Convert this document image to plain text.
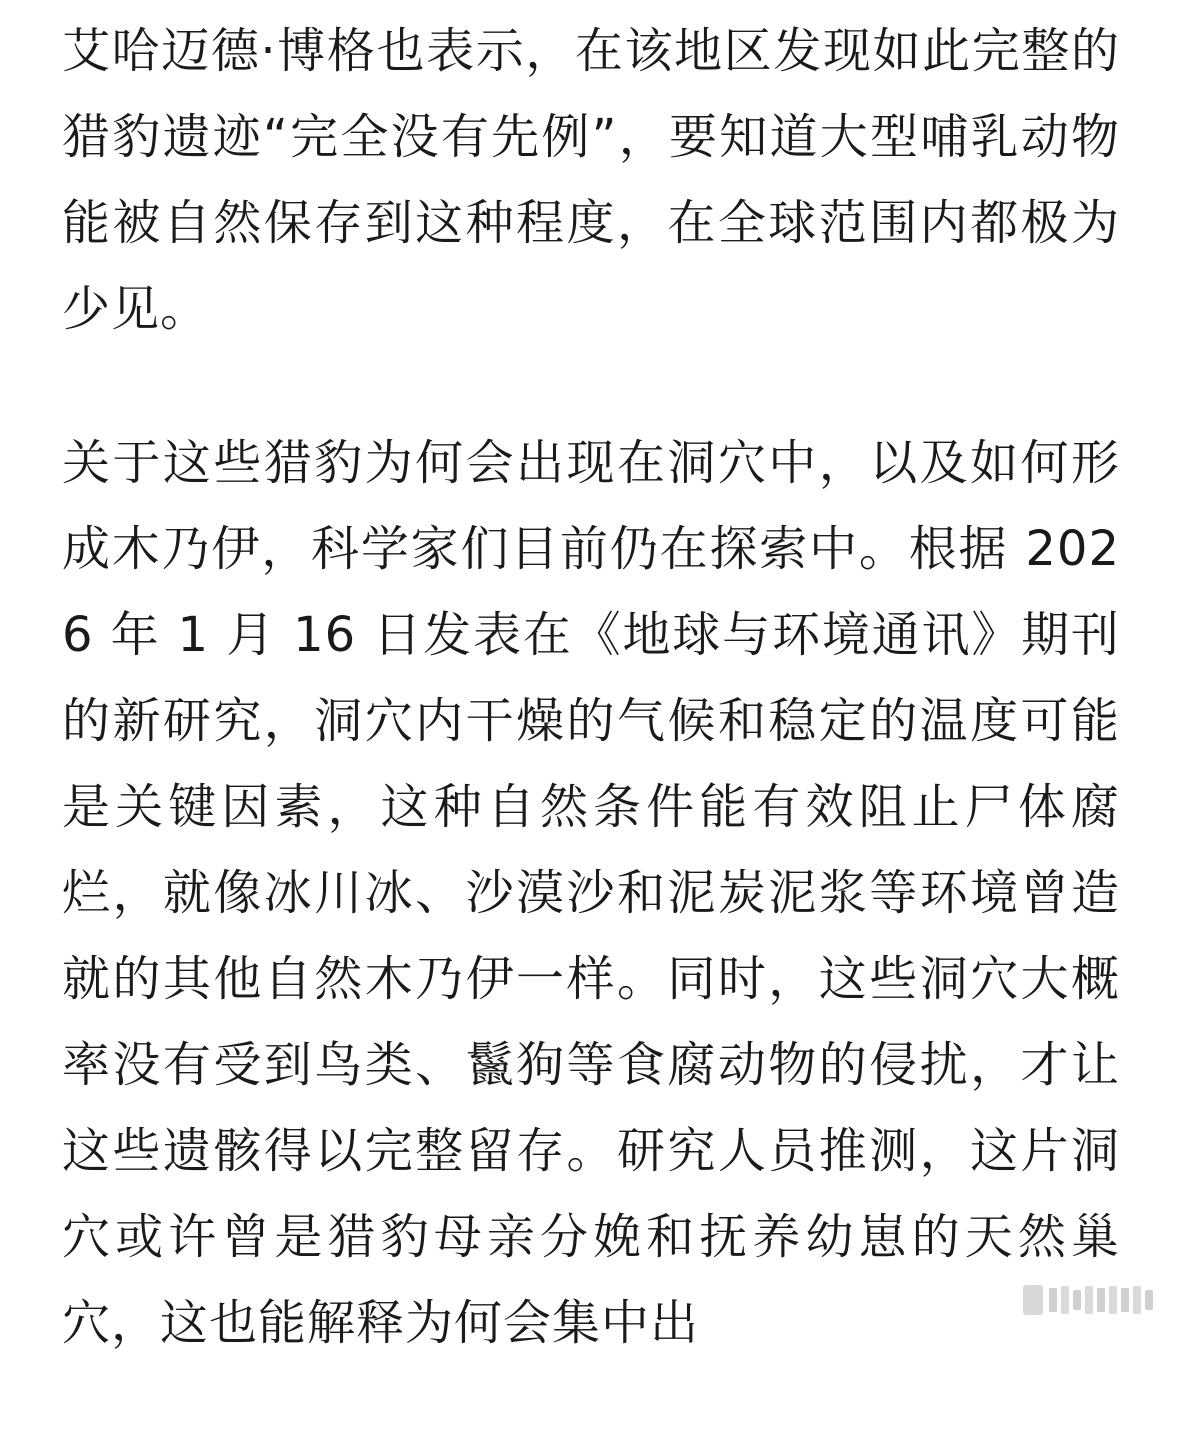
艾哈迈德·博格也表示，在该地区发现如此完整的猎豹遗迹“完全没有先例”，要知道大型哺乳动物能被自然保存到这种程度，在全球范围内都极为少见。

关于这些猎豹为何会出现在洞穴中，以及如何形成木乃伊，科学家们目前仍在探索中。根据 2026 年 1 月 16 日发表在《地球与环境通讯》期刊的新研究，洞穴内干燥的气候和稳定的温度可能是关键因素，这种自然条件能有效阻止尸体腐烂，就像冰川冰、沙漠沙和泥炭泥浆等环境曾造就的其他自然木乃伊一样。同时，这些洞穴大概率没有受到鸟类、鬣狗等食腐动物的侵扰，才让这些遗骸得以完整留存。研究人员推测，这片洞穴或许曾是猎豹母亲分娩和抚养幼崽的天然巢穴，这也能解释为何会集中出
